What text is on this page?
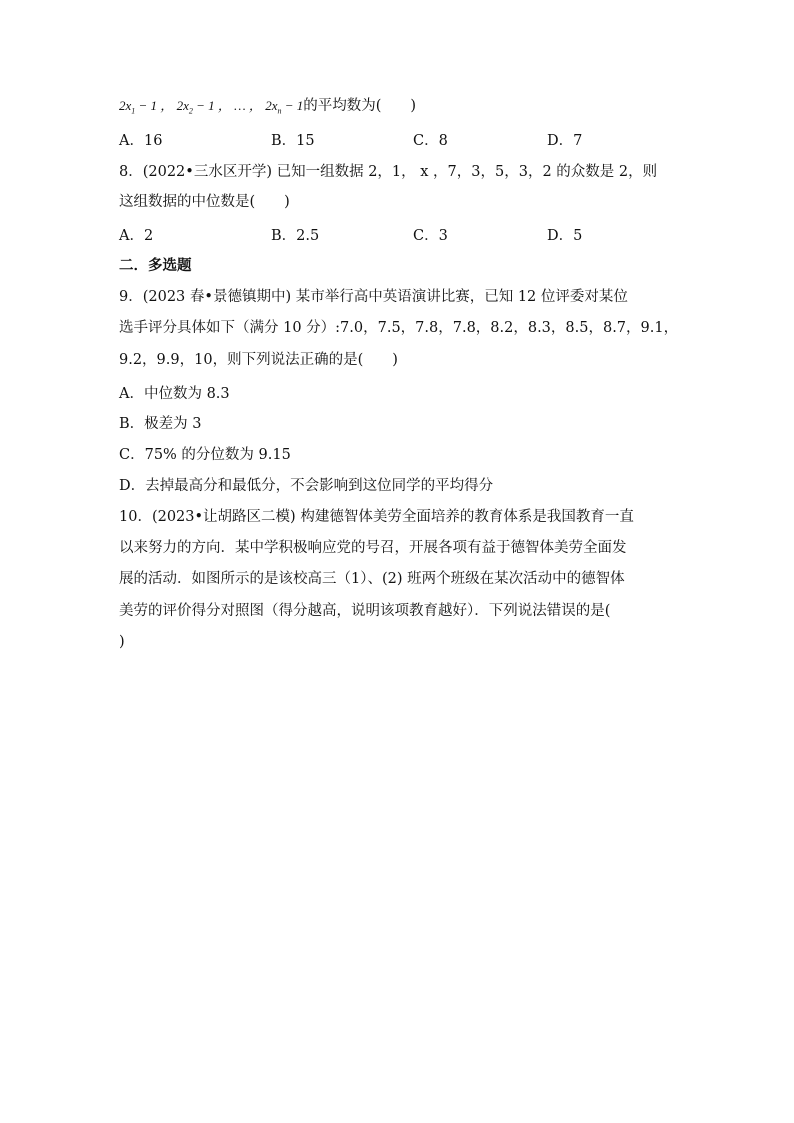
$2x_1 - 1$ ， $2x_2 - 1$ ， … ， $2x_n - 1$的平均数为(　　)
A．16	B．15	C．8	D．7
8．(2022•三水区开学) 已知一组数据 2，1， x ，7，3，5，3，2 的众数是 2，则
这组数据的中位数是(　　)
A．2	B．2.5	C．3	D．5
二．多选题
9．(2023 春•景德镇期中) 某市举行高中英语演讲比赛，已知 12 位评委对某位
选手评分具体如下（满分 10 分）:7.0，7.5，7.8，7.8，8.2，8.3，8.5，8.7，9.1，
9.2，9.9，10，则下列说法正确的是(　　)
A．中位数为 8.3
B．极差为 3
C．75% 的分位数为 9.15
D．去掉最高分和最低分，不会影响到这位同学的平均得分
10．(2023•让胡路区二模) 构建德智体美劳全面培养的教育体系是我国教育一直
以来努力的方向．某中学积极响应党的号召，开展各项有益于德智体美劳全面发
展的活动．如图所示的是该校高三（1）、(2) 班两个班级在某次活动中的德智体
美劳的评价得分对照图（得分越高，说明该项教育越好）．下列说法错误的是(
)
